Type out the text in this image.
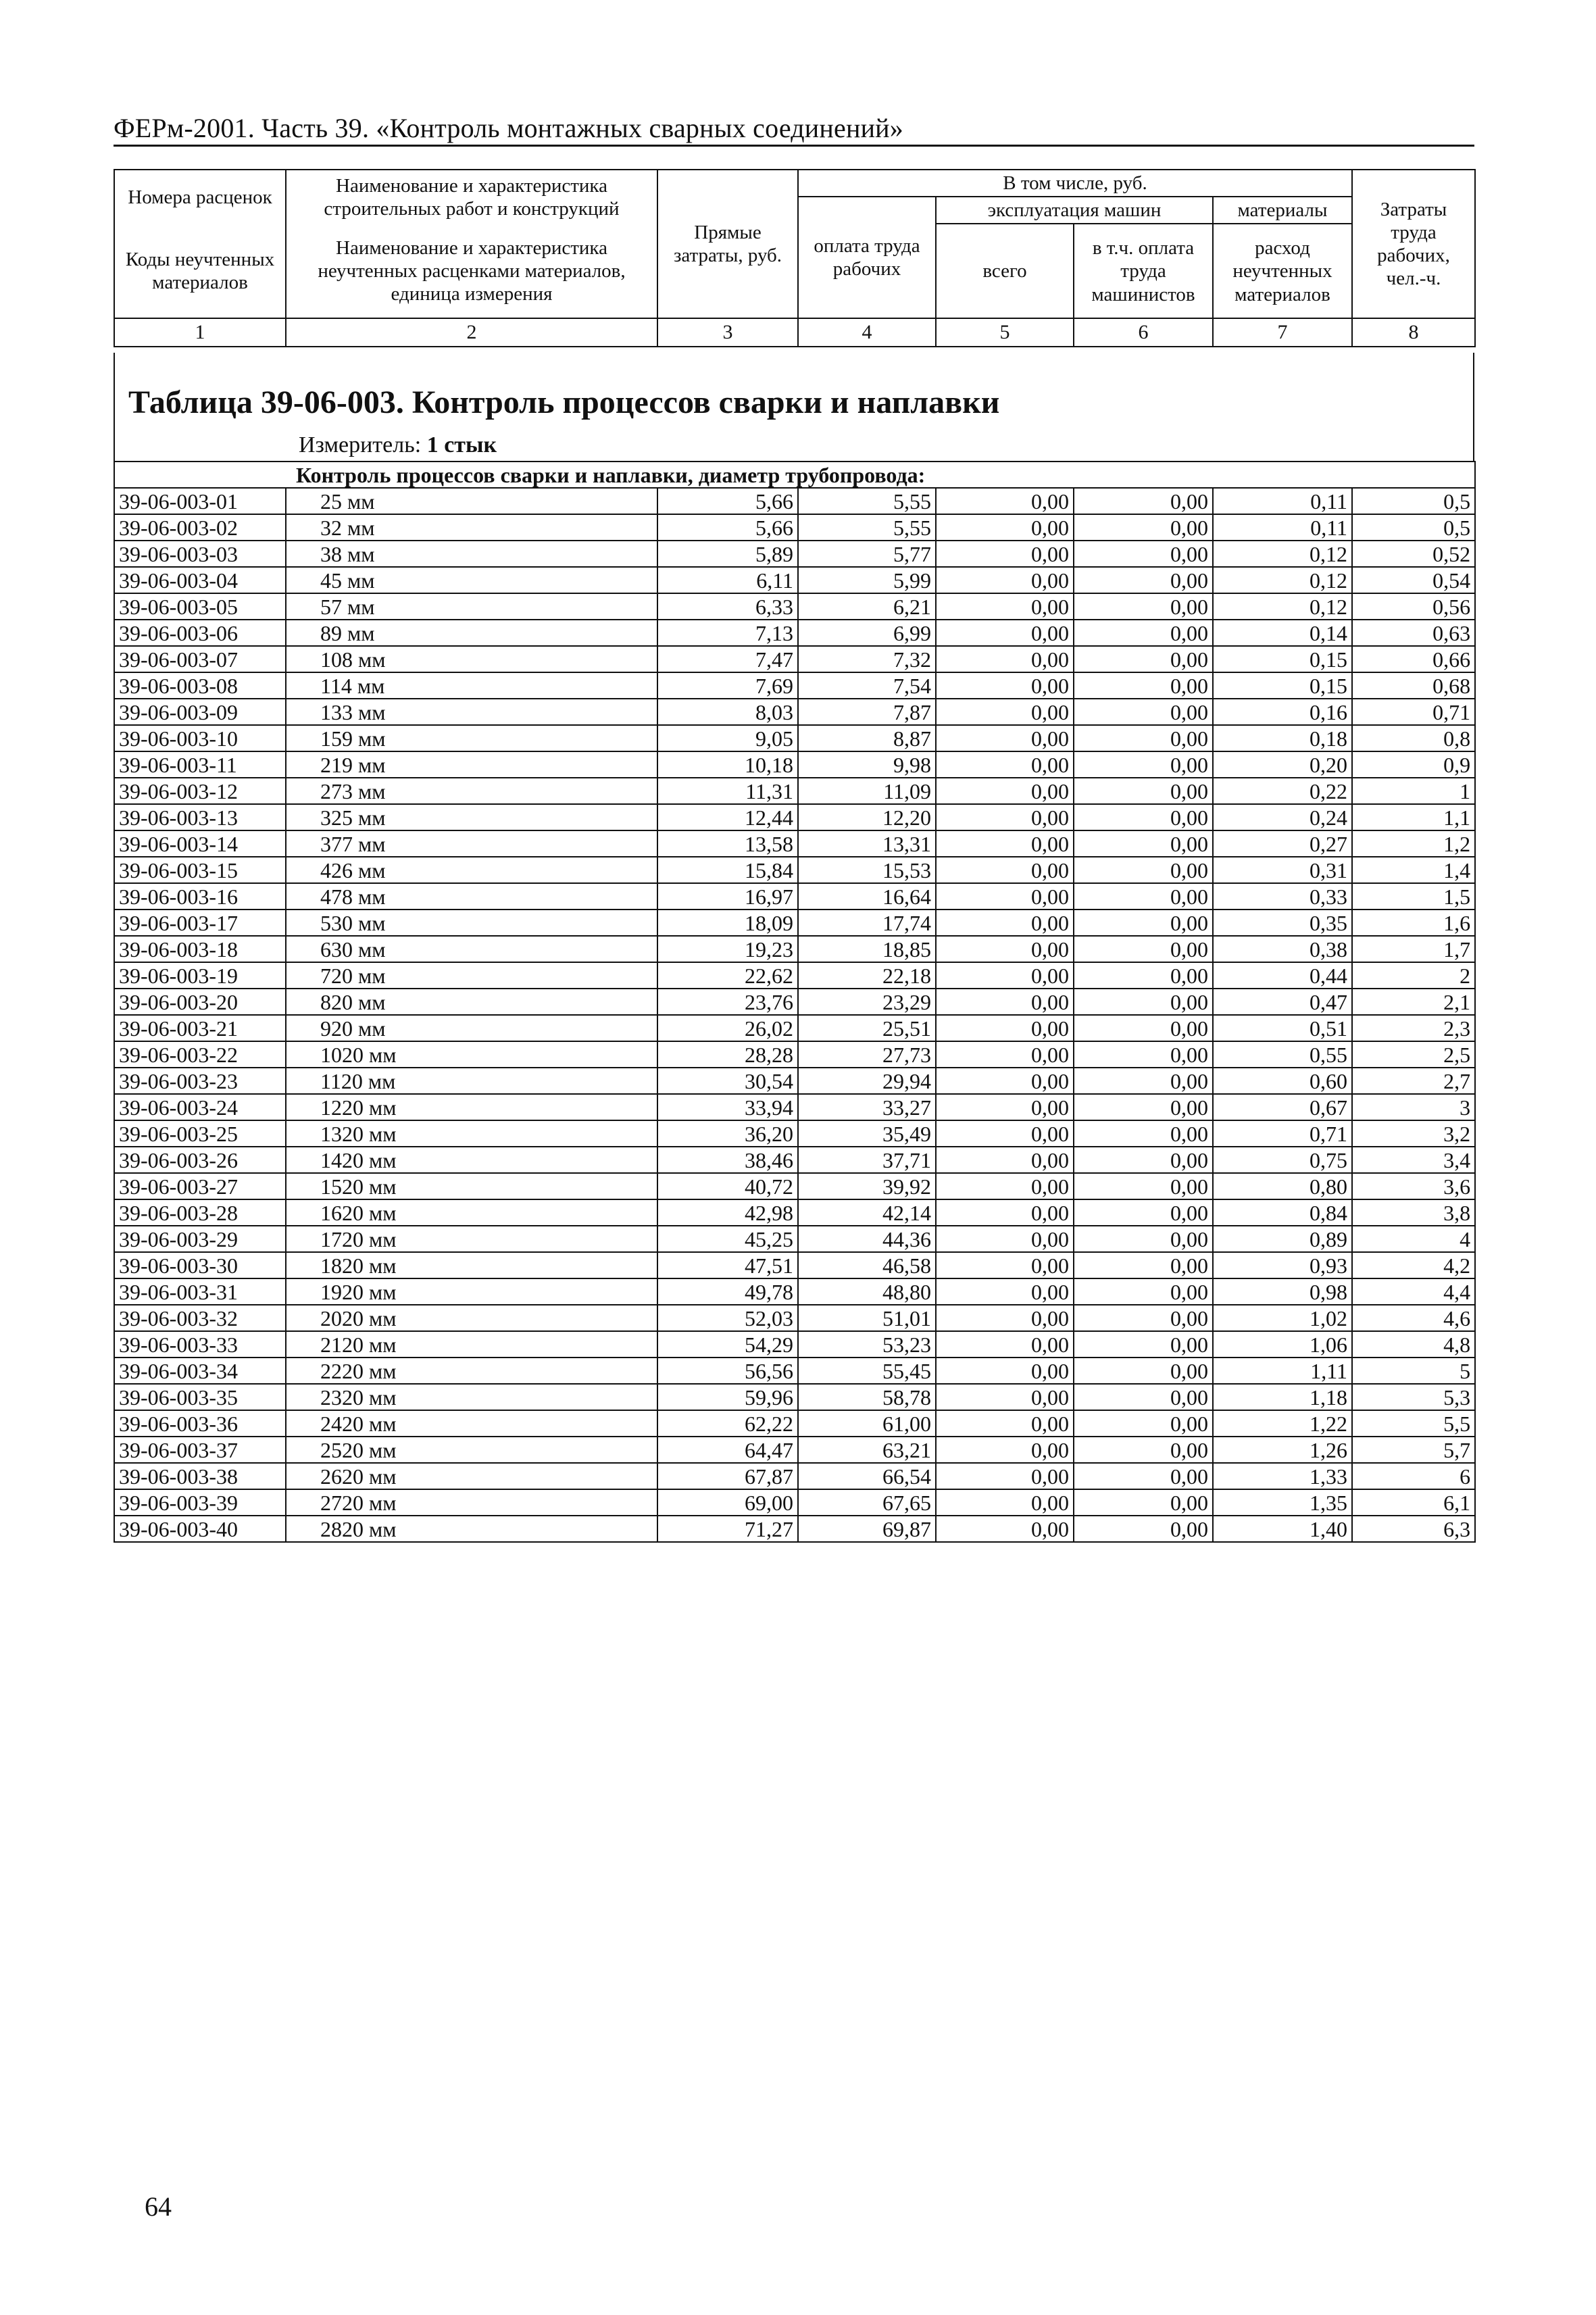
ФЕРм-2001. Часть 39. «Контроль монтажных сварных соединений»
Номера расценок	Наименование и характеристика строительных работ и конструкций	Прямые затраты, руб.	В том числе, руб.				Затраты труда рабочих, чел.-ч.
			оплата труда рабочих	эксплуатация машин		материалы	
Коды неучтенных материалов	Наименование и характеристика неучтенных расценками материалов, единица измерения			всего	в т.ч. оплата труда машинистов	расход неучтенных материалов	

1	2	3	4	5	6	7	8
Таблица 39-06-003. Контроль процессов сварки и наплавки
Измеритель: 1 стык
Контроль процессов сварки и наплавки, диаметр трубопровода:							
39-06-003-01	25 мм	5,66	5,55	0,00	0,00	0,11	0,5
39-06-003-02	32 мм	5,66	5,55	0,00	0,00	0,11	0,5
39-06-003-03	38 мм	5,89	5,77	0,00	0,00	0,12	0,52
39-06-003-04	45 мм	6,11	5,99	0,00	0,00	0,12	0,54
39-06-003-05	57 мм	6,33	6,21	0,00	0,00	0,12	0,56
39-06-003-06	89 мм	7,13	6,99	0,00	0,00	0,14	0,63
39-06-003-07	108 мм	7,47	7,32	0,00	0,00	0,15	0,66
39-06-003-08	114 мм	7,69	7,54	0,00	0,00	0,15	0,68
39-06-003-09	133 мм	8,03	7,87	0,00	0,00	0,16	0,71
39-06-003-10	159 мм	9,05	8,87	0,00	0,00	0,18	0,8
39-06-003-11	219 мм	10,18	9,98	0,00	0,00	0,20	0,9
39-06-003-12	273 мм	11,31	11,09	0,00	0,00	0,22	1
39-06-003-13	325 мм	12,44	12,20	0,00	0,00	0,24	1,1
39-06-003-14	377 мм	13,58	13,31	0,00	0,00	0,27	1,2
39-06-003-15	426 мм	15,84	15,53	0,00	0,00	0,31	1,4
39-06-003-16	478 мм	16,97	16,64	0,00	0,00	0,33	1,5
39-06-003-17	530 мм	18,09	17,74	0,00	0,00	0,35	1,6
39-06-003-18	630 мм	19,23	18,85	0,00	0,00	0,38	1,7
39-06-003-19	720 мм	22,62	22,18	0,00	0,00	0,44	2
39-06-003-20	820 мм	23,76	23,29	0,00	0,00	0,47	2,1
39-06-003-21	920 мм	26,02	25,51	0,00	0,00	0,51	2,3
39-06-003-22	1020 мм	28,28	27,73	0,00	0,00	0,55	2,5
39-06-003-23	1120 мм	30,54	29,94	0,00	0,00	0,60	2,7
39-06-003-24	1220 мм	33,94	33,27	0,00	0,00	0,67	3
39-06-003-25	1320 мм	36,20	35,49	0,00	0,00	0,71	3,2
39-06-003-26	1420 мм	38,46	37,71	0,00	0,00	0,75	3,4
39-06-003-27	1520 мм	40,72	39,92	0,00	0,00	0,80	3,6
39-06-003-28	1620 мм	42,98	42,14	0,00	0,00	0,84	3,8
39-06-003-29	1720 мм	45,25	44,36	0,00	0,00	0,89	4
39-06-003-30	1820 мм	47,51	46,58	0,00	0,00	0,93	4,2
39-06-003-31	1920 мм	49,78	48,80	0,00	0,00	0,98	4,4
39-06-003-32	2020 мм	52,03	51,01	0,00	0,00	1,02	4,6
39-06-003-33	2120 мм	54,29	53,23	0,00	0,00	1,06	4,8
39-06-003-34	2220 мм	56,56	55,45	0,00	0,00	1,11	5
39-06-003-35	2320 мм	59,96	58,78	0,00	0,00	1,18	5,3
39-06-003-36	2420 мм	62,22	61,00	0,00	0,00	1,22	5,5
39-06-003-37	2520 мм	64,47	63,21	0,00	0,00	1,26	5,7
39-06-003-38	2620 мм	67,87	66,54	0,00	0,00	1,33	6
39-06-003-39	2720 мм	69,00	67,65	0,00	0,00	1,35	6,1
39-06-003-40	2820 мм	71,27	69,87	0,00	0,00	1,40	6,3
64
